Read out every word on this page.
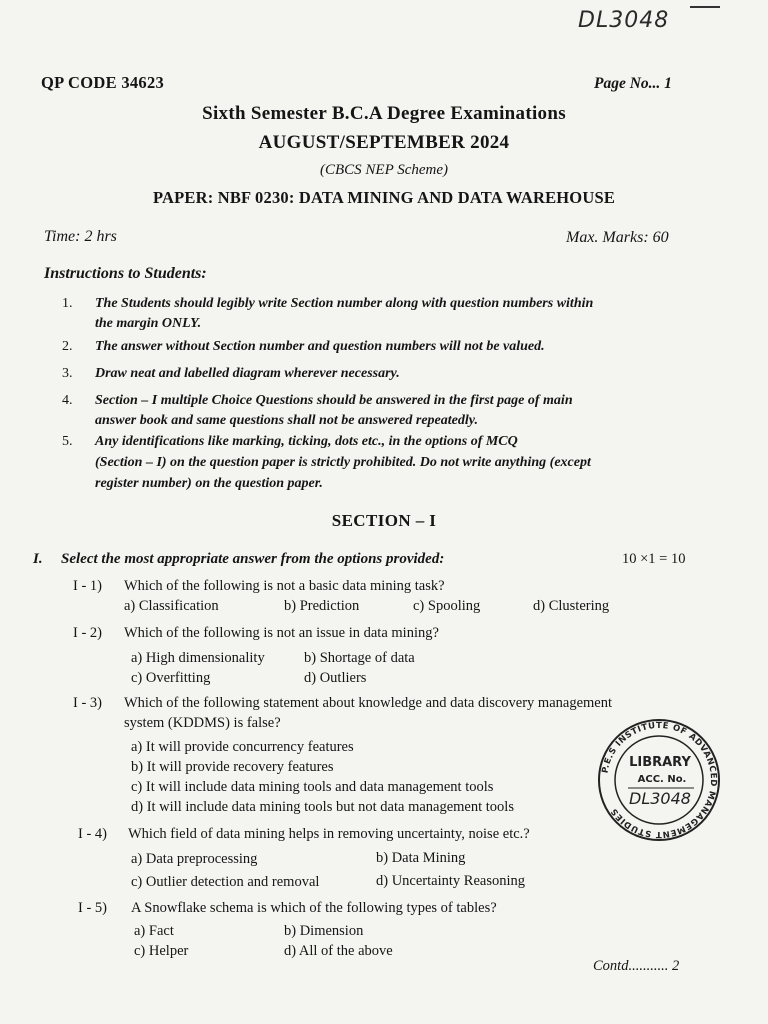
DL3048
QP CODE 34623	Page No... 1
Sixth Semester B.C.A Degree Examinations
AUGUST/SEPTEMBER 2024
(CBCS NEP Scheme)
PAPER: NBF 0230: DATA MINING AND DATA WAREHOUSE
Time: 2 hrs	Max. Marks: 60
Instructions to Students:
1. The Students should legibly write Section number along with question numbers within
the margin ONLY.
2. The answer without Section number and question numbers will not be valued.
3. Draw neat and labelled diagram wherever necessary.
4. Section – I multiple Choice Questions should be answered in the first page of main
answer book and same questions shall not be answered repeatedly.
5. Any identifications like marking, ticking, dots etc., in the options of MCQ
(Section – I) on the question paper is strictly prohibited. Do not write anything (except
register number) on the question paper.
SECTION – I
I. Select the most appropriate answer from the options provided:	10 ×1 = 10
I - 1) Which of the following is not a basic data mining task?
a) Classification	b) Prediction	c) Spooling	d) Clustering
I - 2) Which of the following is not an issue in data mining?
a) High dimensionality	b) Shortage of data
c) Overfitting	d) Outliers
I - 3) Which of the following statement about knowledge and data discovery management
system (KDDMS) is false?
a) It will provide concurrency features
b) It will provide recovery features
c) It will include data mining tools and data management tools
d) It will include data mining tools but not data management tools
I - 4) Which field of data mining helps in removing uncertainty, noise etc.?
a) Data preprocessing	b) Data Mining
c) Outlier detection and removal	d) Uncertainty Reasoning
I - 5) A Snowflake schema is which of the following types of tables?
a) Fact	b) Dimension
c) Helper	d) All of the above
P.E.S INSTITUTE OF ADVANCED MANAGEMENT STUDIES
LIBRARY
ACC. No.
DL3048
Contd........... 2
